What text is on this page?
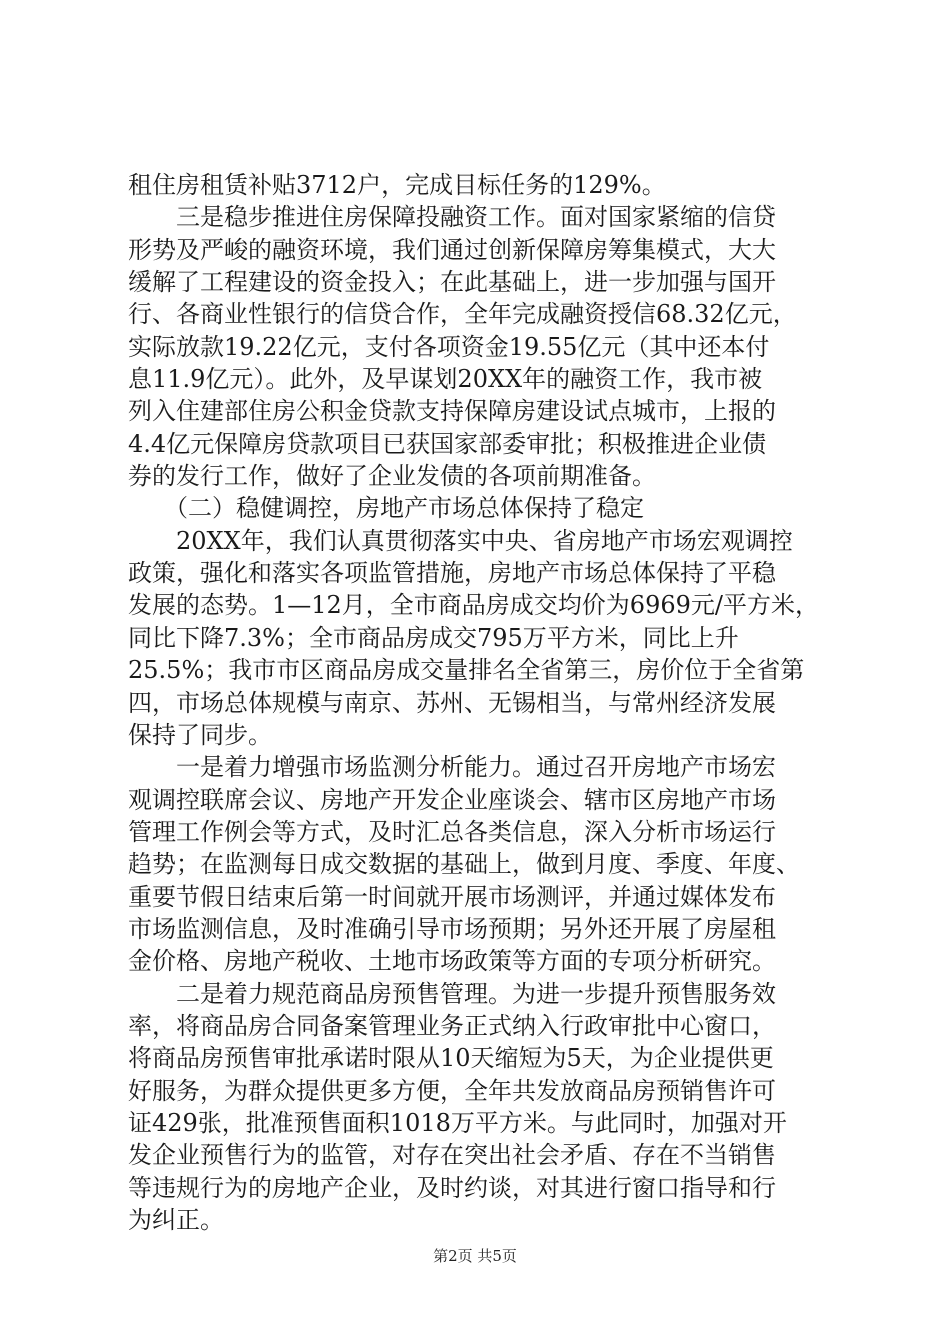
租住房租赁补贴3712户，完成目标任务的129%。
　　三是稳步推进住房保障投融资工作。面对国家紧缩的信贷
形势及严峻的融资环境，我们通过创新保障房筹集模式，大大
缓解了工程建设的资金投入；在此基础上，进一步加强与国开
行、各商业性银行的信贷合作，全年完成融资授信68.32亿元，
实际放款19.22亿元，支付各项资金19.55亿元（其中还本付
息11.9亿元）。此外，及早谋划20XX年的融资工作，我市被
列入住建部住房公积金贷款支持保障房建设试点城市，上报的
4.4亿元保障房贷款项目已获国家部委审批；积极推进企业债
券的发行工作，做好了企业发债的各项前期准备。
　　（二）稳健调控，房地产市场总体保持了稳定
　　20XX年，我们认真贯彻落实中央、省房地产市场宏观调控
政策，强化和落实各项监管措施，房地产市场总体保持了平稳
发展的态势。1—12月，全市商品房成交均价为6969元/平方米，
同比下降7.3%；全市商品房成交795万平方米，同比上升
25.5%；我市市区商品房成交量排名全省第三，房价位于全省第
四，市场总体规模与南京、苏州、无锡相当，与常州经济发展
保持了同步。
　　一是着力增强市场监测分析能力。通过召开房地产市场宏
观调控联席会议、房地产开发企业座谈会、辖市区房地产市场
管理工作例会等方式，及时汇总各类信息，深入分析市场运行
趋势；在监测每日成交数据的基础上，做到月度、季度、年度、
重要节假日结束后第一时间就开展市场测评，并通过媒体发布
市场监测信息，及时准确引导市场预期；另外还开展了房屋租
金价格、房地产税收、土地市场政策等方面的专项分析研究。
　　二是着力规范商品房预售管理。为进一步提升预售服务效
率，将商品房合同备案管理业务正式纳入行政审批中心窗口，
将商品房预售审批承诺时限从10天缩短为5天，为企业提供更
好服务，为群众提供更多方便，全年共发放商品房预销售许可
证429张，批准预售面积1018万平方米。与此同时，加强对开
发企业预售行为的监管，对存在突出社会矛盾、存在不当销售
等违规行为的房地产企业，及时约谈，对其进行窗口指导和行
为纠正。
第2页 共5页
